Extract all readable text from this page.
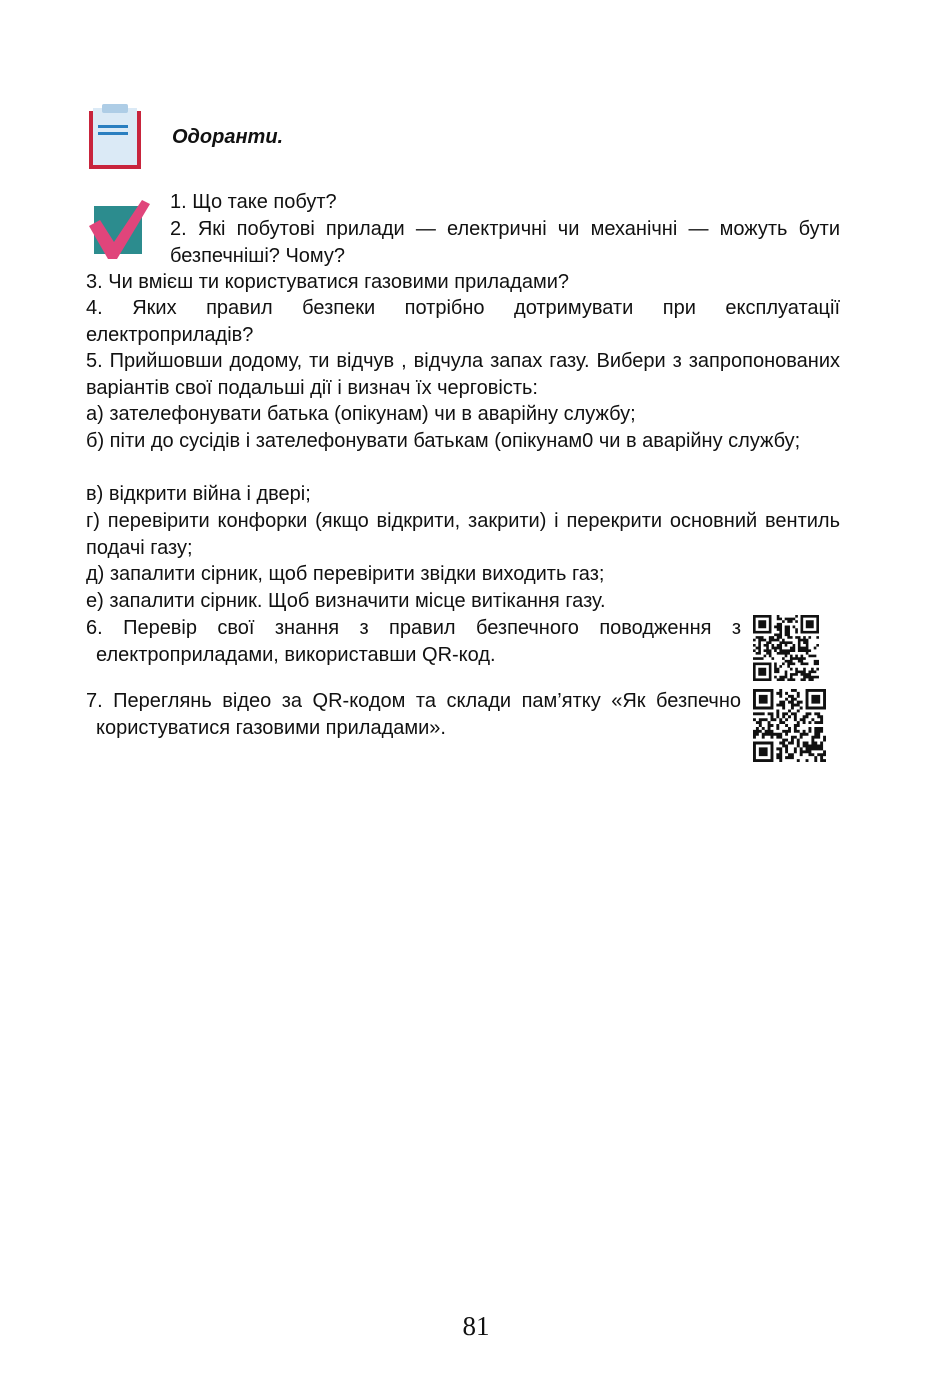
Одоранти.

1. Що таке побут?

2. Які побутові прилади — електричні чи механічні — можуть бути безпечніші? Чому?

3. Чи вмієш ти користуватися газовими приладами?

4. Яких правил безпеки потрібно дотримувати при експлуатації електроприладів?

5. Прийшовши додому, ти відчув , відчула запах газу. Вибери з запропонованих варіантів свої подальші дії і визнач їх черговість:

а) зателефонувати батька (опікунам) чи в аварійну службу;

б) піти до сусідів і зателефонувати батькам (опікунам0 чи в аварійну службу;

в) відкрити війна і двері;

г) перевірити конфорки (якщо відкрити, закрити) і перекрити основний вентиль подачі газу;

д) запалити сірник, щоб перевірити звідки виходить газ;

е) запалити сірник. Щоб визначити місце витікання газу.

6. Перевір свої знання з правил безпечного поводження з електроприладами, використавши QR-код.

7. Переглянь відео за QR-кодом та склади пам’ятку «Як безпечно користуватися газовими приладами».

81
